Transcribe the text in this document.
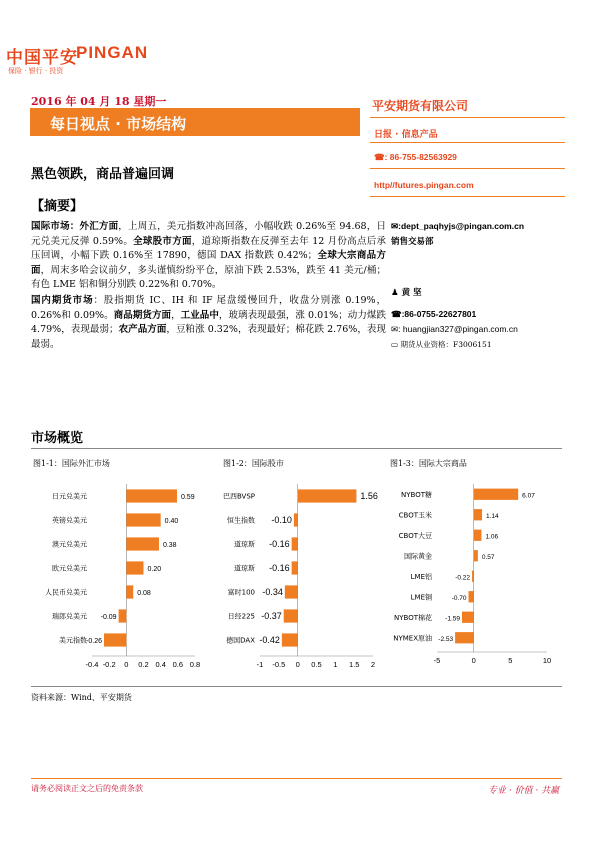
中国平安
PINGAN
保险 · 银行 · 投资
2016 年 04 月 18 星期一
每日视点 · 市场结构
平安期货有限公司
日报 · 信息产品
☎: 86-755-82563929
http//futures.pingan.com
黑色领跌，商品普遍回调
【摘要】
国际市场：外汇方面，上周五，美元指数冲高回落，小幅收跌 0.26%至 94.68，日元兑美元反弹 0.59%。全球股市方面，道琼斯指数在反弹至去年 12 月份高点后承压回调，小幅下跌 0.16%至 17890，德国 DAX 指数跌 0.42%；全球大宗商品方面，周末多哈会议前夕，多头谨慎纷纷平仓，原油下跌 2.53%，跌至 41 美元/桶；有色 LME 铝和铜分别跌 0.22%和 0.70%。
国内期货市场：股指期货 IC、IH 和 IF 尾盘缓慢回升，收盘分别涨 0.19%，0.26%和 0.09%。商品期货方面，工业品中，玻璃表现最强，涨 0.01%；动力煤跌 4.79%，表现最弱；农产品方面，豆粕涨 0.32%，表现最好；棉花跌 2.76%，表现最弱。
✉:dept_paqhyjs@pingan.com.cn
销售交易部
♟ 黄 坚
☎:86-0755-22627801
✉: huangjian327@pingan.com.cn
▭ 期货从业资格：F3006151
市场概览
图1-1：国际外汇市场	图1-2：国际股市	图1-3：国际大宗商品
日元兑美元	0.59
英镑兑美元	0.40
澳元兑美元	0.38
欧元兑美元	0.20
人民币兑美元	0.08
瑞郎兑美元 -0.09
美元指数 -0.26
-0.4 -0.2 0 0.2 0.4 0.6 0.8
巴西BVSP	1.56
恒生指数 -0.10
道琼斯 -0.16
道琼斯 -0.16
富时100 -0.34
日经225 -0.37
德国DAX -0.42
-1 -0.5 0 0.5 1 1.5 2
NYBOT糖	6.07
CBOT玉米	1.14
CBOT大豆	1.06
国际黄金	0.57
LME铝	-0.22
LME铜	-0.70
NYBOT棉花 -1.59
NYMEX原油 -2.53
-5	0	5	10
资料来源：Wind、平安期货
请务必阅读正文之后的免责条款	专业 · 价值 · 共赢
